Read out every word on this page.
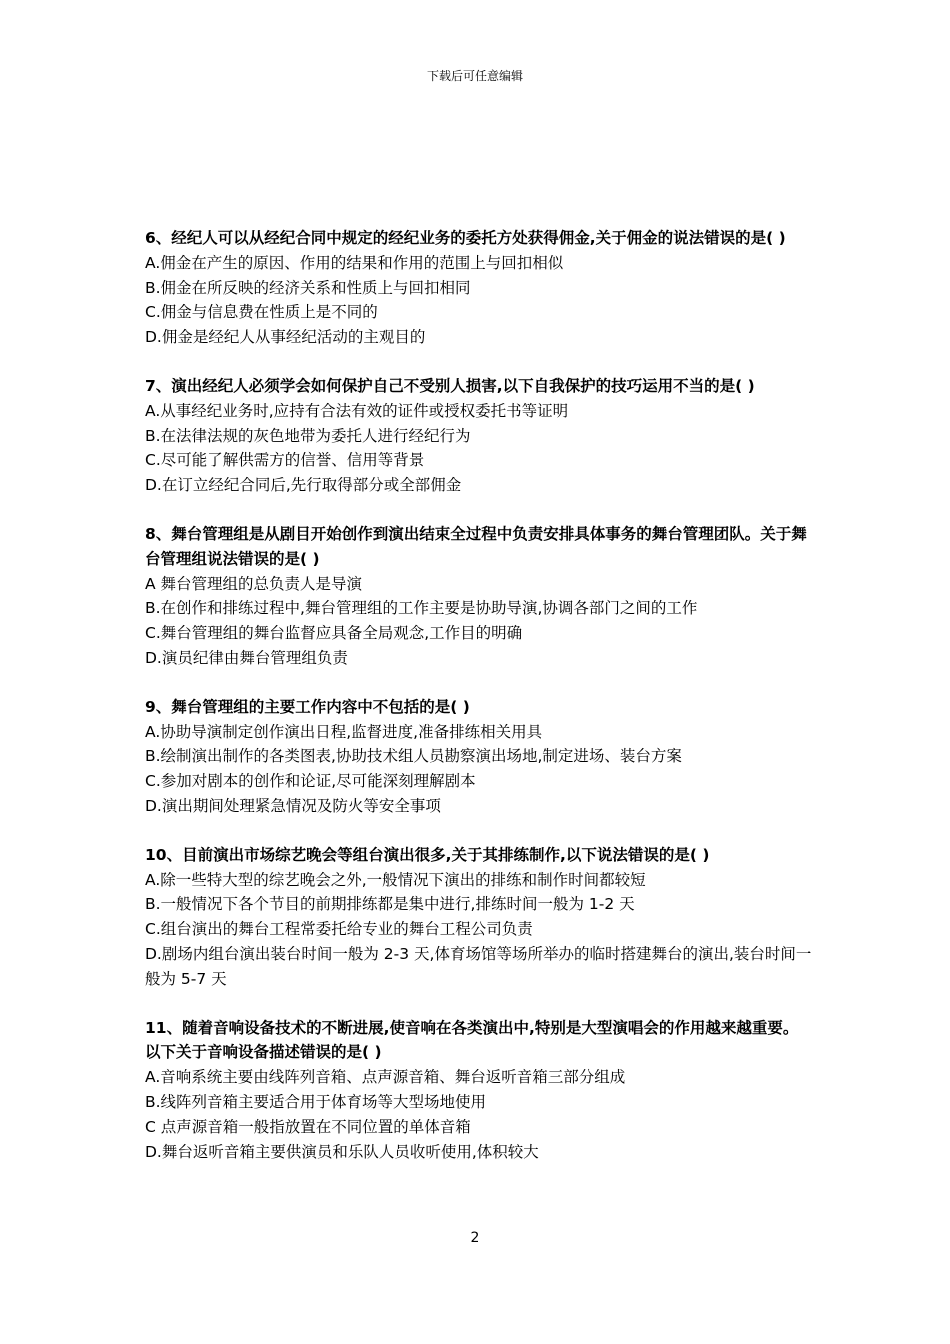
下载后可任意编辑

6、经纪人可以从经纪合同中规定的经纪业务的委托方处获得佣金,关于佣金的说法错误的是( )

A.佣金在产生的原因、作用的结果和作用的范围上与回扣相似

B.佣金在所反映的经济关系和性质上与回扣相同

C.佣金与信息费在性质上是不同的

D.佣金是经纪人从事经纪活动的主观目的

7、演出经纪人必须学会如何保护自己不受别人损害,以下自我保护的技巧运用不当的是( )

A.从事经纪业务时,应持有合法有效的证件或授权委托书等证明

B.在法律法规的灰色地带为委托人进行经纪行为

C.尽可能了解供需方的信誉、信用等背景

D.在订立经纪合同后,先行取得部分或全部佣金

8、舞台管理组是从剧目开始创作到演出结束全过程中负责安排具体事务的舞台管理团队。关于舞台管理组说法错误的是( )

A 舞台管理组的总负责人是导演

B.在创作和排练过程中,舞台管理组的工作主要是协助导演,协调各部门之间的工作

C.舞台管理组的舞台监督应具备全局观念,工作目的明确

D.演员纪律由舞台管理组负责

9、舞台管理组的主要工作内容中不包括的是( )

A.协助导演制定创作演出日程,监督进度,准备排练相关用具

B.绘制演出制作的各类图表,协助技术组人员勘察演出场地,制定进场、装台方案

C.参加对剧本的创作和论证,尽可能深刻理解剧本

D.演出期间处理紧急情况及防火等安全事项

10、目前演出市场综艺晚会等组台演出很多,关于其排练制作,以下说法错误的是( )

A.除一些特大型的综艺晚会之外,一般情况下演出的排练和制作时间都较短

B.一般情况下各个节目的前期排练都是集中进行,排练时间一般为 1-2 天

C.组台演出的舞台工程常委托给专业的舞台工程公司负责

D.剧场内组台演出装台时间一般为 2-3 天,体育场馆等场所举办的临时搭建舞台的演出,装台时间一般为 5-7 天

11、随着音响设备技术的不断进展,使音响在各类演出中,特别是大型演唱会的作用越来越重要。以下关于音响设备描述错误的是( )

A.音响系统主要由线阵列音箱、点声源音箱、舞台返听音箱三部分组成

B.线阵列音箱主要适合用于体育场等大型场地使用

C 点声源音箱一般指放置在不同位置的单体音箱

D.舞台返听音箱主要供演员和乐队人员收听使用,体积较大

2
